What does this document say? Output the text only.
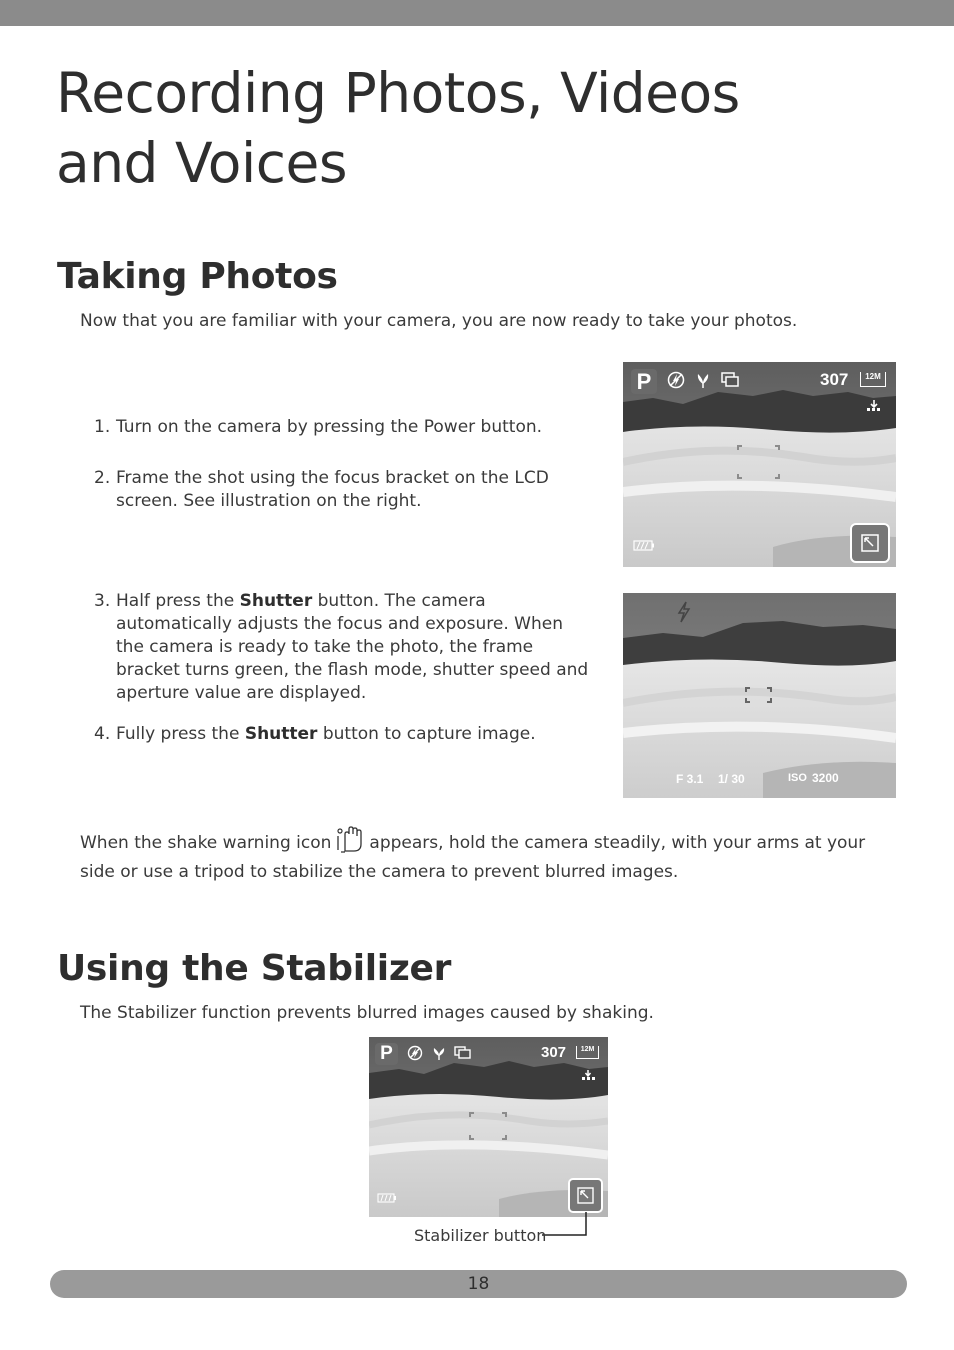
Recording Photos, Videos
and Voices
Taking Photos
Now that you are familiar with your camera, you are now ready to take your photos.
1. Turn on the camera by pressing the Power button.
2. Frame the shot using the focus bracket on the LCD
screen. See illustration on the right.
3. Half press the Shutter button. The camera
automatically adjusts the focus and exposure. When
the camera is ready to take the photo, the frame
bracket turns green, the flash mode, shutter speed and
aperture value are displayed.
4. Fully press the Shutter button to capture image.
P	307	12M
F 3.1 1/ 30	ISO 3200
When the shake warning icon appears, hold the camera steadily, with your arms at your
side or use a tripod to stabilize the camera to prevent blurred images.
Using the Stabilizer
The Stabilizer function prevents blurred images caused by shaking.
P	307	12M
Stabilizer button
18
